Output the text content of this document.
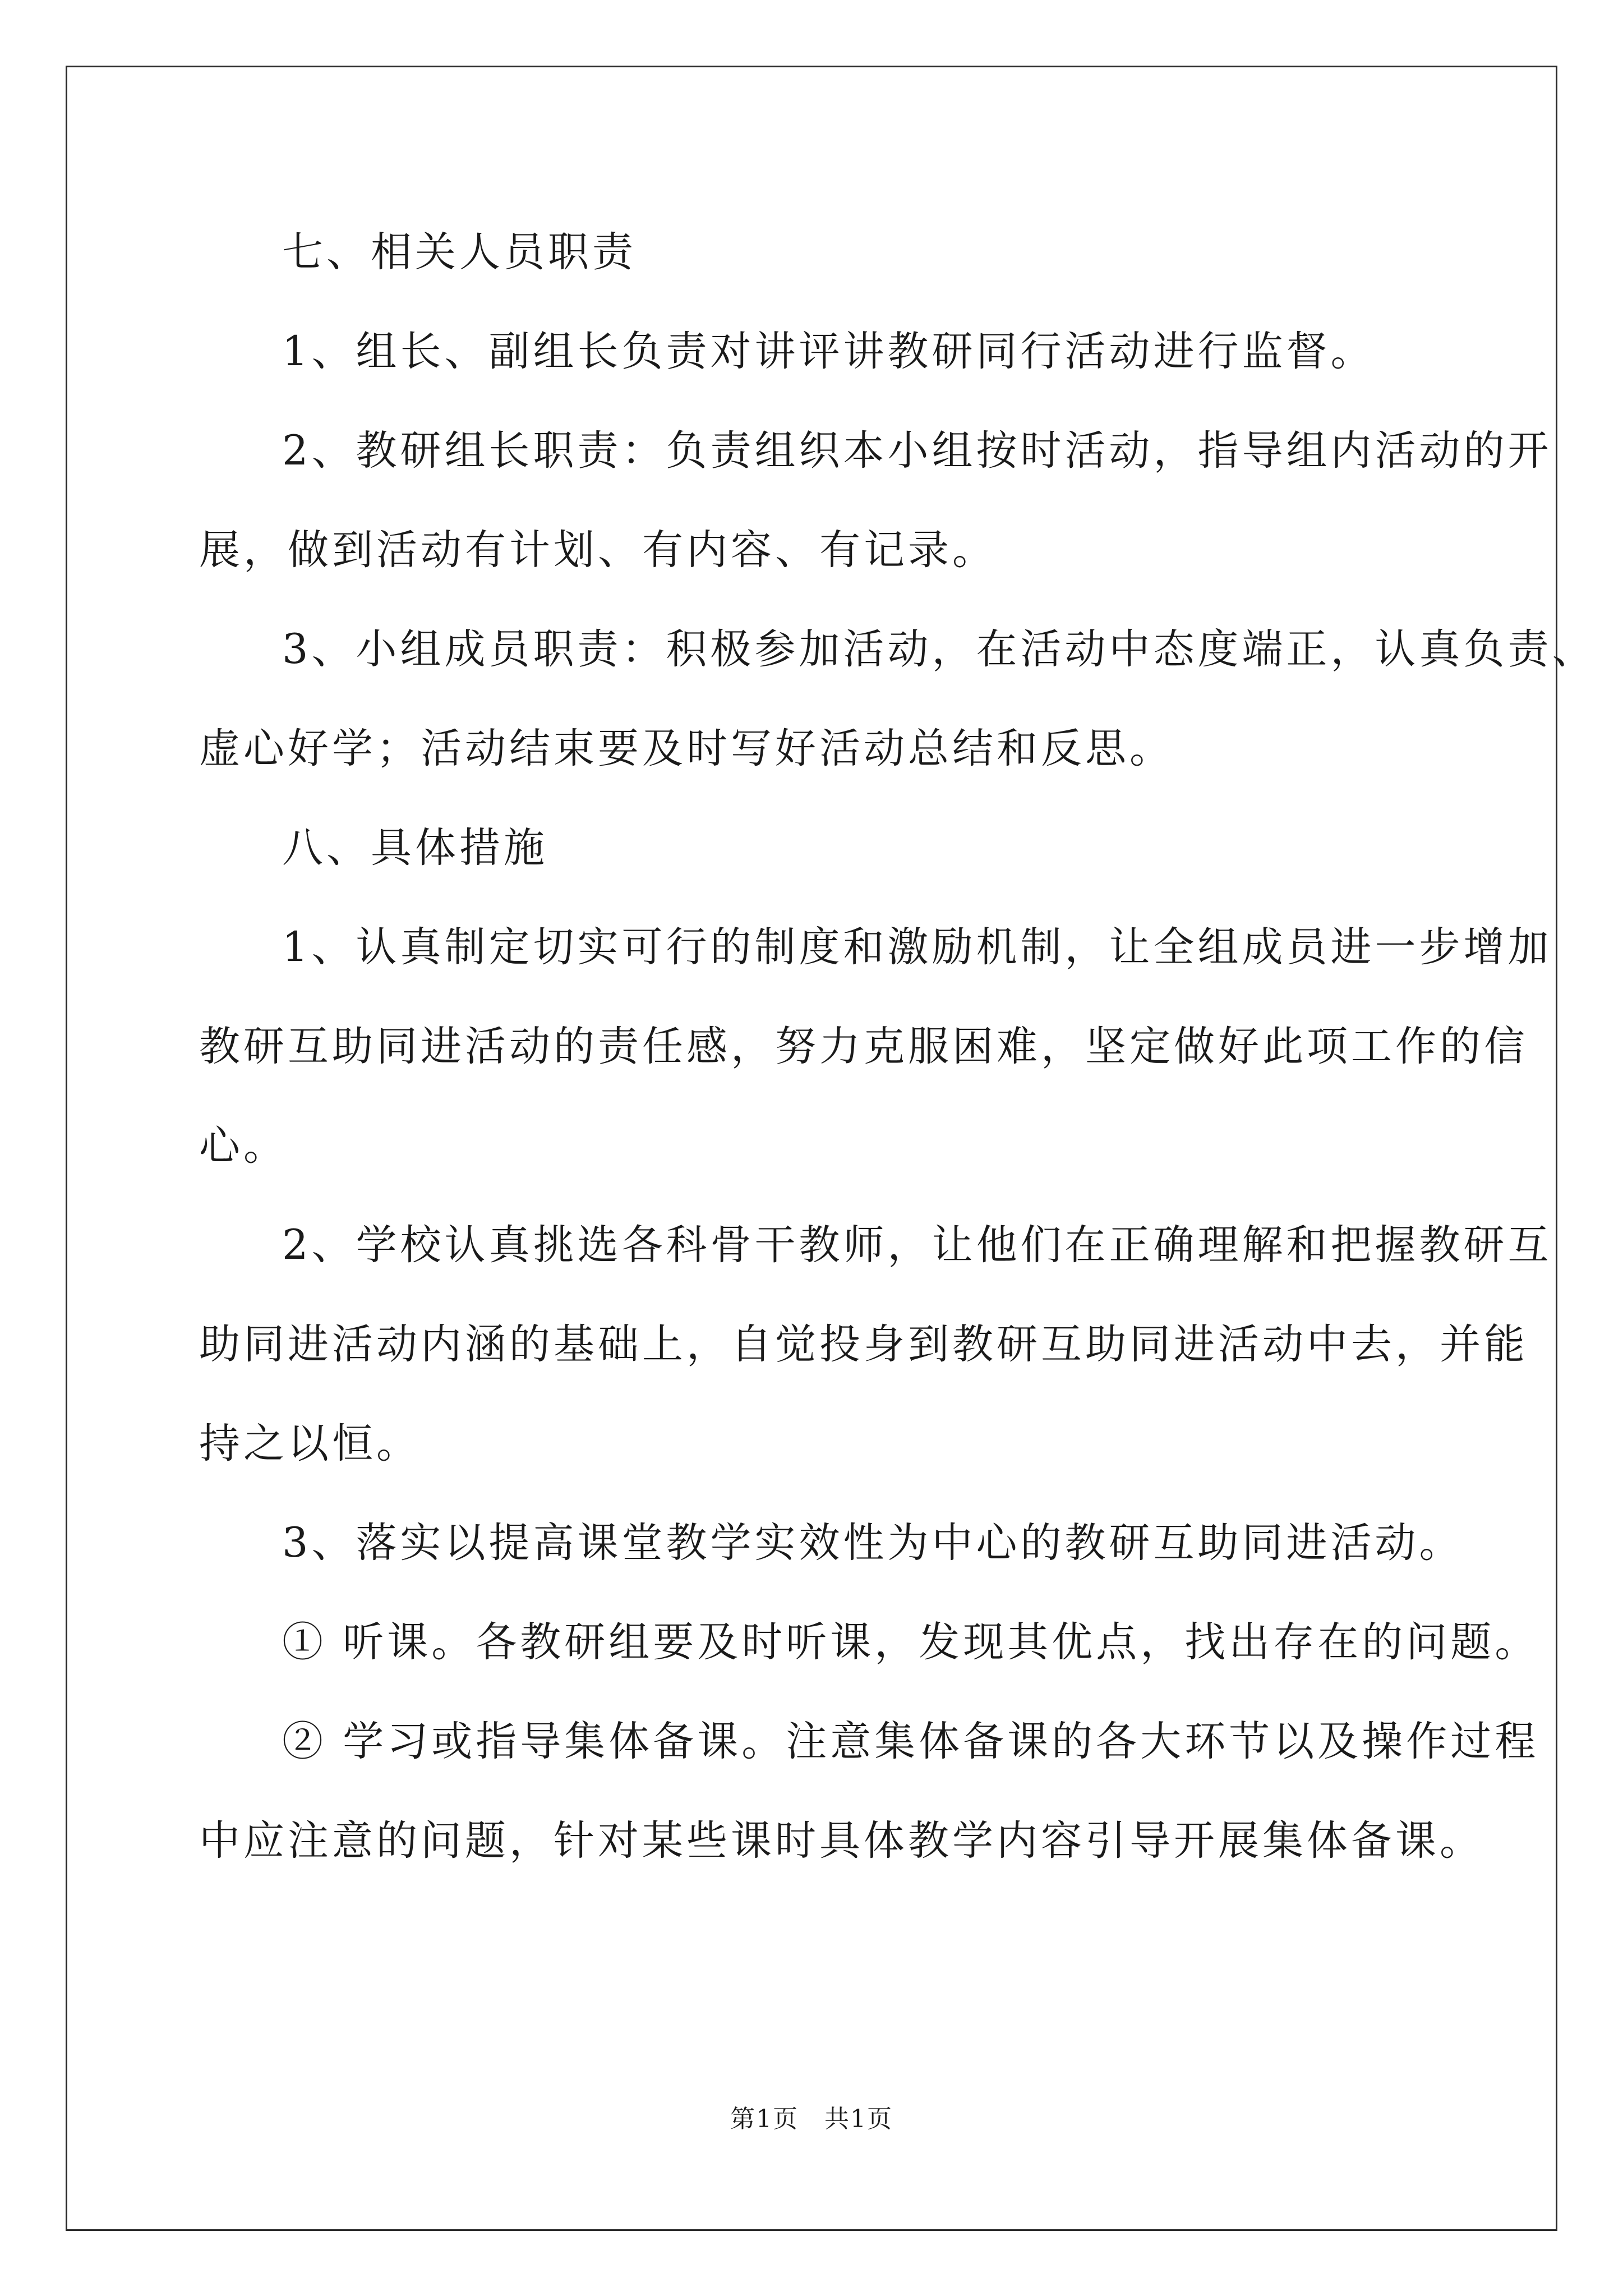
七、相关人员职责
1、组长、副组长负责对讲评讲教研同行活动进行监督。
2、教研组长职责：负责组织本小组按时活动，指导组内活动的开
展，做到活动有计划、有内容、有记录。
3、小组成员职责：积极参加活动，在活动中态度端正，认真负责、
虚心好学；活动结束要及时写好活动总结和反思。
八、具体措施
1、认真制定切实可行的制度和激励机制，让全组成员进一步增加
教研互助同进活动的责任感，努力克服困难，坚定做好此项工作的信
心。
2、学校认真挑选各科骨干教师，让他们在正确理解和把握教研互
助同进活动内涵的基础上，自觉投身到教研互助同进活动中去，并能
持之以恒。
3、落实以提高课堂教学实效性为中心的教研互助同进活动。
① 听课。各教研组要及时听课，发现其优点，找出存在的问题。
② 学习或指导集体备课。注意集体备课的各大环节以及操作过程
中应注意的问题，针对某些课时具体教学内容引导开展集体备课。
第1页　共1页
